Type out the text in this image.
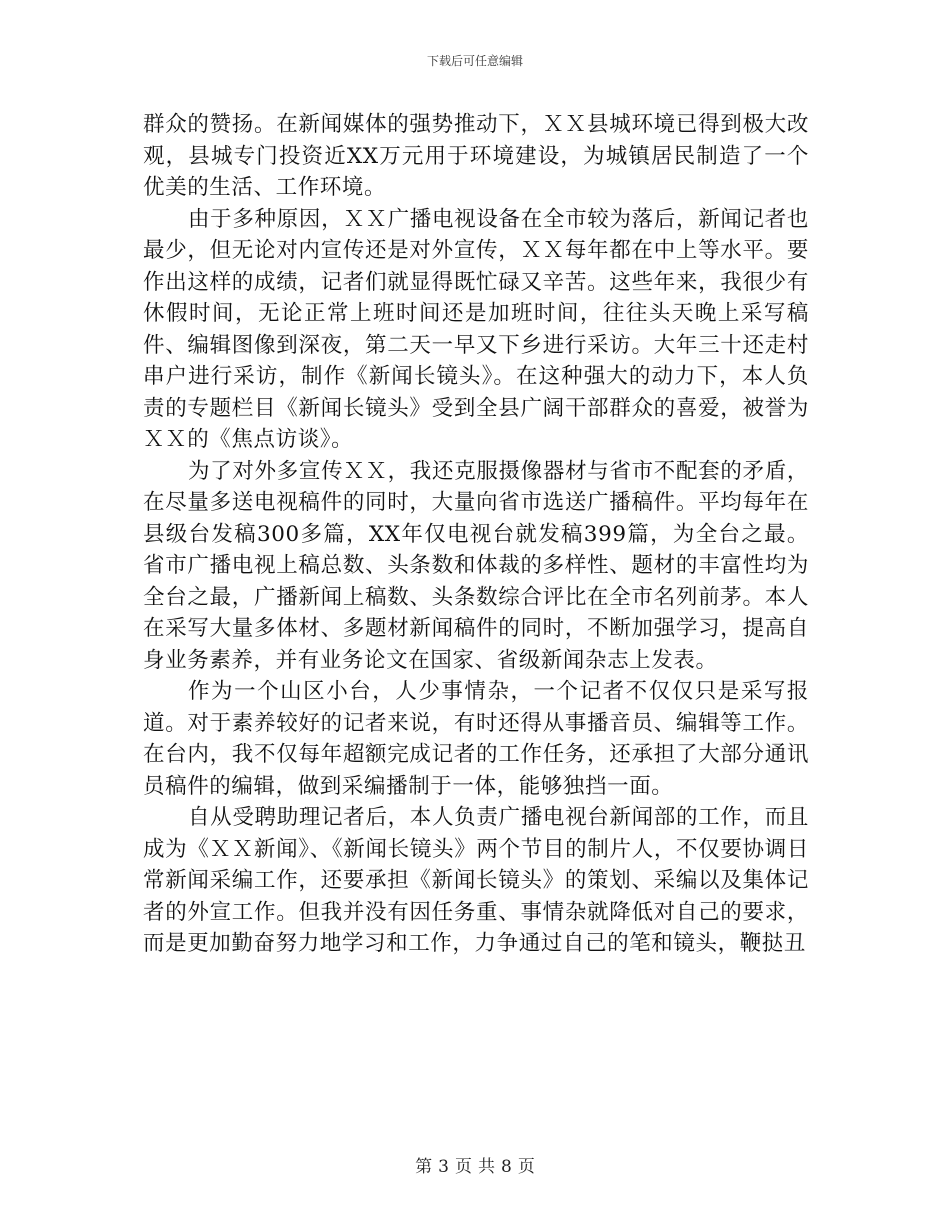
下载后可任意编辑

群众的赞扬。在新闻媒体的强势推动下，ＸＸ县城环境已得到极大改观，县城专门投资近XX万元用于环境建设，为城镇居民制造了一个优美的生活、工作环境。

由于多种原因，ＸＸ广播电视设备在全市较为落后，新闻记者也最少，但无论对内宣传还是对外宣传，ＸＸ每年都在中上等水平。要作出这样的成绩，记者们就显得既忙碌又辛苦。这些年来，我很少有休假时间，无论正常上班时间还是加班时间，往往头天晚上采写稿件、编辑图像到深夜，第二天一早又下乡进行采访。大年三十还走村串户进行采访，制作《新闻长镜头》。在这种强大的动力下，本人负责的专题栏目《新闻长镜头》受到全县广阔干部群众的喜爱，被誉为ＸＸ的《焦点访谈》。

为了对外多宣传ＸＸ，我还克服摄像器材与省市不配套的矛盾，在尽量多送电视稿件的同时，大量向省市选送广播稿件。平均每年在县级台发稿300多篇，XX年仅电视台就发稿399篇，为全台之最。省市广播电视上稿总数、头条数和体裁的多样性、题材的丰富性均为全台之最，广播新闻上稿数、头条数综合评比在全市名列前茅。本人在采写大量多体材、多题材新闻稿件的同时，不断加强学习，提高自身业务素养，并有业务论文在国家、省级新闻杂志上发表。

作为一个山区小台，人少事情杂，一个记者不仅仅只是采写报道。对于素养较好的记者来说，有时还得从事播音员、编辑等工作。在台内，我不仅每年超额完成记者的工作任务，还承担了大部分通讯员稿件的编辑，做到采编播制于一体，能够独挡一面。

自从受聘助理记者后，本人负责广播电视台新闻部的工作，而且成为《ＸＸ新闻》、《新闻长镜头》两个节目的制片人，不仅要协调日常新闻采编工作，还要承担《新闻长镜头》的策划、采编以及集体记者的外宣工作。但我并没有因任务重、事情杂就降低对自己的要求，而是更加勤奋努力地学习和工作，力争通过自己的笔和镜头，鞭挞丑

第 3 页 共 8 页
